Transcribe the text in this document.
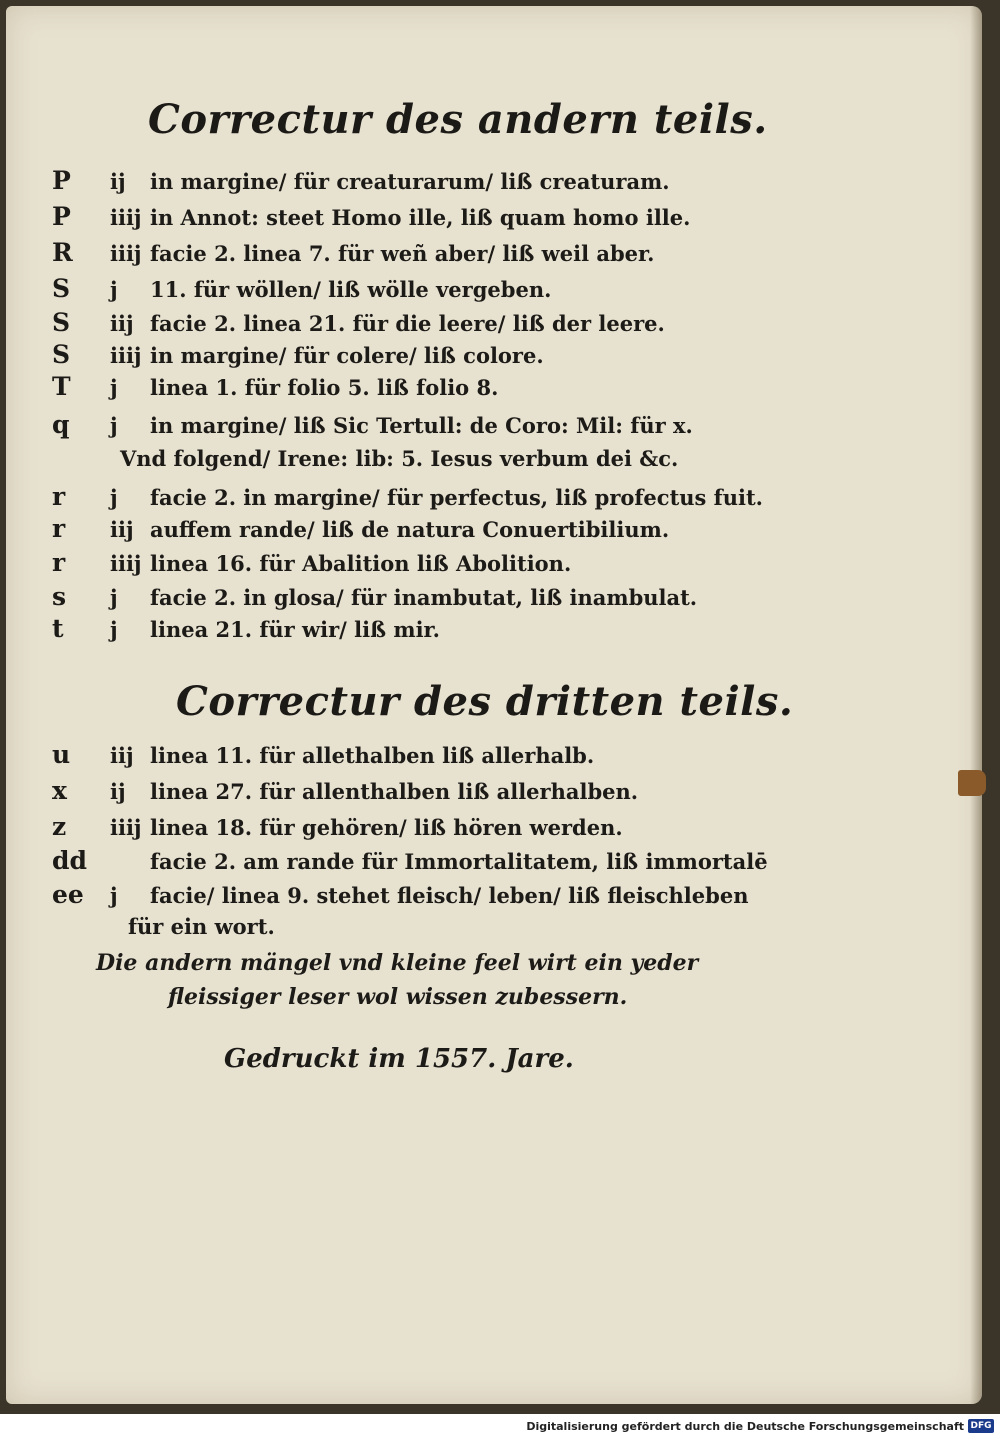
Correctur des andern teils.
P ij in margine/ für creaturarum/ liß creaturam.
P iiij in Annot: steet Homo ille, liß quam homo ille.
R iiij facie 2. linea 7. für weñ aber/ liß weil aber.
S j 11. für wöllen/ liß wölle vergeben.
S iij facie 2. linea 21. für die leere/ liß der leere.
S iiij in margine/ für colere/ liß colore.
T j linea 1. für folio 5. liß folio 8.
q j in margine/ liß Sic Tertull: de Coro: Mil: für x.
Vnd folgend/ Irene: lib: 5. Iesus verbum dei &c.
r j facie 2. in margine/ für perfectus, liß profectus fuit.
r iij auffem rande/ liß de natura Conuertibilium.
r iiij linea 16. für Abalition liß Abolition.
s j facie 2. in glosa/ für inambutat, liß inambulat.
t j linea 21. für wir/ liß mir.
Correctur des dritten teils.
u iij linea 11. für allethalben liß allerhalb.
x ij linea 27. für allenthalben liß allerhalben.
z iiij linea 18. für gehören/ liß hören werden.
dd	facie 2. am rande für Immortalitatem, liß immortalē
ee j facie/ linea 9. stehet fleisch/ leben/ liß fleischleben
für ein wort.
Die andern mängel vnd kleine feel wirt ein yeder
fleissiger leser wol wissen zubessern.
Gedruckt im 1557. Jare.
Digitalisierung gefördert durch die Deutsche Forschungsgemeinschaft DFG
